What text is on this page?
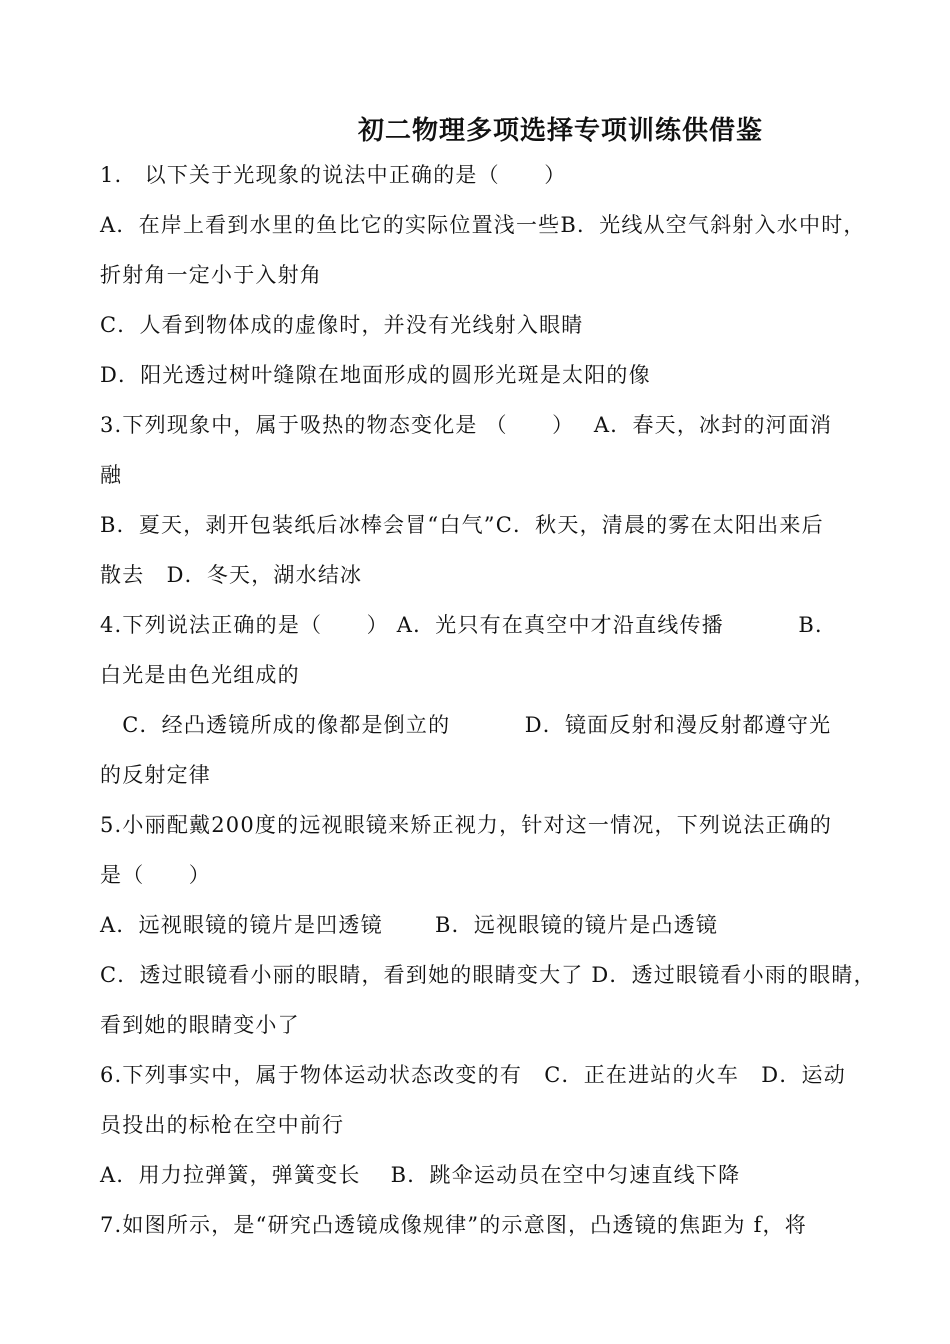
初二物理多项选择专项训练供借鉴
1.　以下关于光现象的说法中正确的是（　　）
A．在岸上看到水里的鱼比它的实际位置浅一些B．光线从空气斜射入水中时，
折射角一定小于入射角
C．人看到物体成的虚像时，并没有光线射入眼睛
D．阳光透过树叶缝隙在地面形成的圆形光斑是太阳的像
3.下列现象中，属于吸热的物态变化是 （　　）　 A．春天，冰封的河面消
融
B．夏天，剥开包装纸后冰棒会冒“白气”C．秋天，清晨的雾在太阳出来后
散去　D．冬天，湖水结冰
4.下列说法正确的是（　　） A．光只有在真空中才沿直线传播　　　 B．
白光是由色光组成的
　C．经凸透镜所成的像都是倒立的　　　 D．镜面反射和漫反射都遵守光
的反射定律
5.小丽配戴200度的远视眼镜来矫正视力，针对这一情况，下列说法正确的
是（　　）
A．远视眼镜的镜片是凹透镜　　 B．远视眼镜的镜片是凸透镜
C．透过眼镜看小丽的眼睛，看到她的眼睛变大了 D．透过眼镜看小雨的眼睛，
看到她的眼睛变小了
6.下列事实中，属于物体运动状态改变的有　C．正在进站的火车　D．运动
员投出的标枪在空中前行
A．用力拉弹簧，弹簧变长　 B．跳伞运动员在空中匀速直线下降
7.如图所示，是“研究凸透镜成像规律”的示意图，凸透镜的焦距为 f，将
